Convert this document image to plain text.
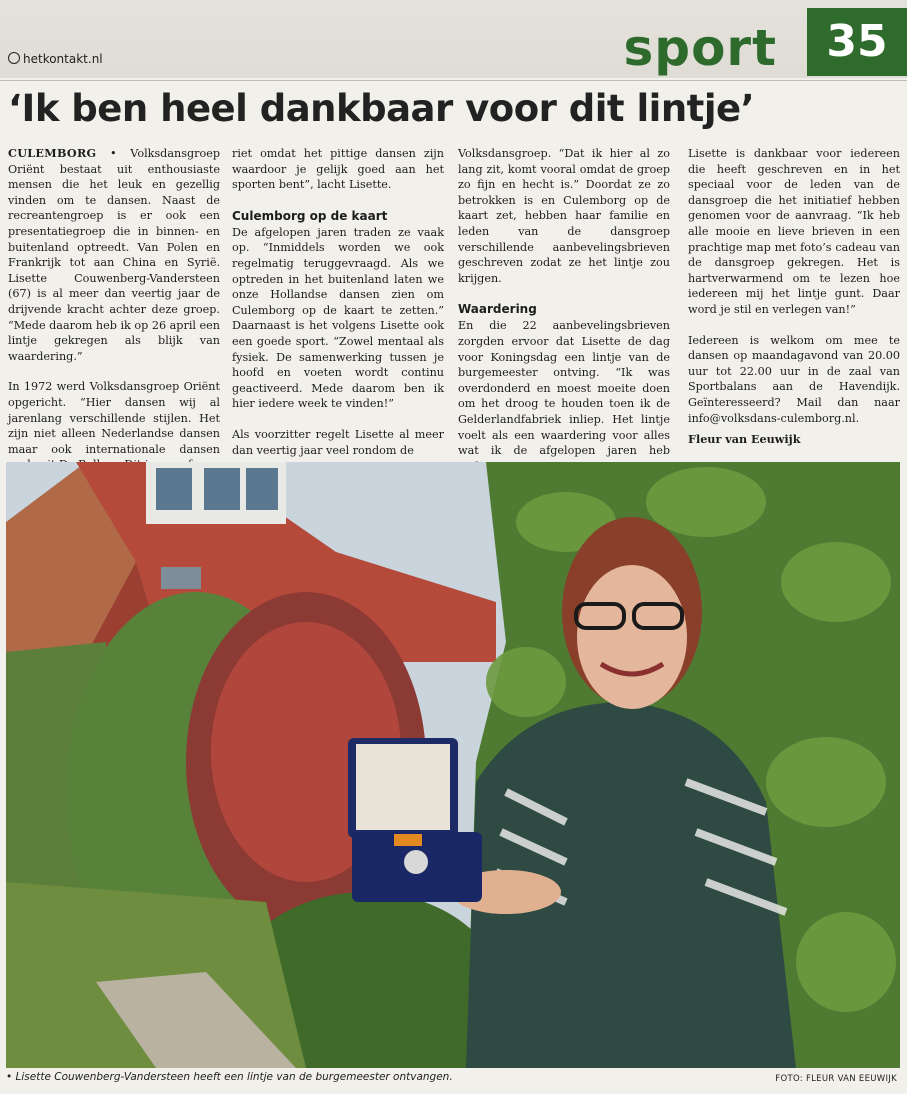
hetkontakt.nl	sport	35
‘Ik ben heel dankbaar voor dit lintje’

CULEMBORG • Volksdansgroep Oriënt bestaat uit enthousiaste mensen die het leuk en gezellig vinden om te dansen. Naast de recreantengroep is er ook een presentatiegroep die in binnen- en buitenland optreedt. Van Polen en Frankrijk tot aan China en Syrië. Lisette Couwenberg-Vandersteen (67) is al meer dan veertig jaar de drijvende kracht achter deze groep. “Mede daarom heb ik op 26 april een lintje gekregen als blijk van waardering.”

In 1972 werd Volksdansgroep Oriënt opgericht. “Hier dansen wij al jarenlang verschillende stijlen. Het zijn niet alleen Nederlandse dansen maar ook internationale dansen

riet omdat het pittige dansen zijn waardoor je gelijk goed aan het sporten bent”, lacht Lisette.

Culemborg op de kaart

De afgelopen jaren traden ze vaak op. “Inmiddels worden we ook regelmatig teruggevraagd. Als we optreden in het buitenland laten we onze Hollandse dansen zien om Culemborg op de kaart te zetten.” Daarnaast is het volgens Lisette ook een goede sport. “Zowel mentaal als fysiek. De samenwerking tussen je hoofd en voeten wordt continu geactiveerd. Mede daarom ben ik hier iedere week te vinden!”

Als voorzitter regelt Lisette al meer dan veertig jaar veel rondom de

Volksdansgroep. “Dat ik hier al zo lang zit, komt vooral omdat de groep zo fijn en hecht is.” Doordat ze zo betrokken is en Culemborg op de kaart zet, hebben haar familie en leden van de dansgroep verschillende aanbevelingsbrieven geschreven zodat ze het lintje zou krijgen.

Waardering

En die 22 aanbevelingsbrieven zorgden ervoor dat Lisette de dag voor Koningsdag een lintje van de burgemeester ontving. “Ik was overdonderd en moest moeite doen om het droog te houden toen ik de Gelderlandfabriek inliep. Het lintje voelt als een waardering voor alles wat ik de afgelopen jaren heb

Lisette is dankbaar voor iedereen die heeft geschreven en in het speciaal voor de leden van de dansgroep die het initiatief hebben genomen voor de aanvraag. “Ik heb alle mooie en lieve brieven in een prachtige map met foto’s cadeau van de dansgroep gekregen. Het is hartverwarmend om te lezen hoe iedereen mij het lintje gunt. Daar word je stil en verlegen van!”

Iedereen is welkom om mee te dansen op maandagavond van 20.00 uur tot 22.00 uur in de zaal van Sportbalans aan de Havendijk. Geïnteresseerd? Mail dan naar info@volksdans-culemborg.nl.

Fleur van Eeuwijk
• Lisette Couwenberg-Vandersteen heeft een lintje van de burgemeester ontvangen.	FOTO: FLEUR VAN EEUWIJK
